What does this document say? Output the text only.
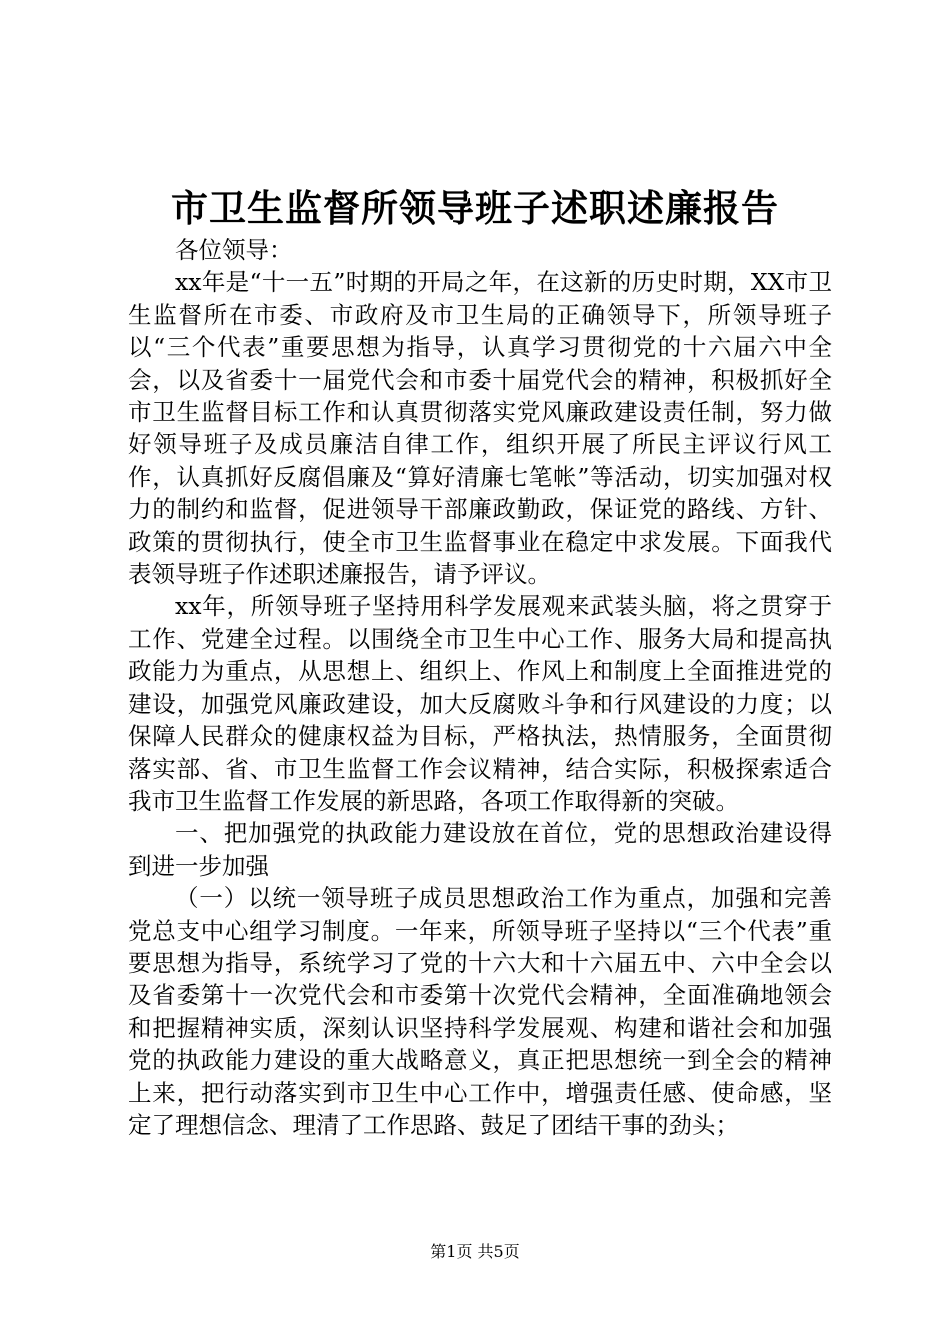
市卫生监督所领导班子述职述廉报告

各位领导：

xx年是“十一五”时期的开局之年，在这新的历史时期，XX市卫生监督所在市委、市政府及市卫生局的正确领导下，所领导班子以“三个代表”重要思想为指导，认真学习贯彻党的十六届六中全会，以及省委十一届党代会和市委十届党代会的精神，积极抓好全市卫生监督目标工作和认真贯彻落实党风廉政建设责任制，努力做好领导班子及成员廉洁自律工作，组织开展了所民主评议行风工作，认真抓好反腐倡廉及“算好清廉七笔帐”等活动，切实加强对权力的制约和监督，促进领导干部廉政勤政，保证党的路线、方针、政策的贯彻执行，使全市卫生监督事业在稳定中求发展。下面我代表领导班子作述职述廉报告，请予评议。

xx年，所领导班子坚持用科学发展观来武装头脑，将之贯穿于工作、党建全过程。以围绕全市卫生中心工作、服务大局和提高执政能力为重点，从思想上、组织上、作风上和制度上全面推进党的建设，加强党风廉政建设，加大反腐败斗争和行风建设的力度；以保障人民群众的健康权益为目标，严格执法，热情服务，全面贯彻落实部、省、市卫生监督工作会议精神，结合实际，积极探索适合我市卫生监督工作发展的新思路，各项工作取得新的突破。

一、把加强党的执政能力建设放在首位，党的思想政治建设得到进一步加强

（一）以统一领导班子成员思想政治工作为重点，加强和完善党总支中心组学习制度。一年来，所领导班子坚持以“三个代表”重要思想为指导，系统学习了党的十六大和十六届五中、六中全会以及省委第十一次党代会和市委第十次党代会精神，全面准确地领会和把握精神实质，深刻认识坚持科学发展观、构建和谐社会和加强党的执政能力建设的重大战略意义，真正把思想统一到全会的精神上来，把行动落实到市卫生中心工作中，增强责任感、使命感，坚定了理想信念、理清了工作思路、鼓足了团结干事的劲头；

第1页 共5页
